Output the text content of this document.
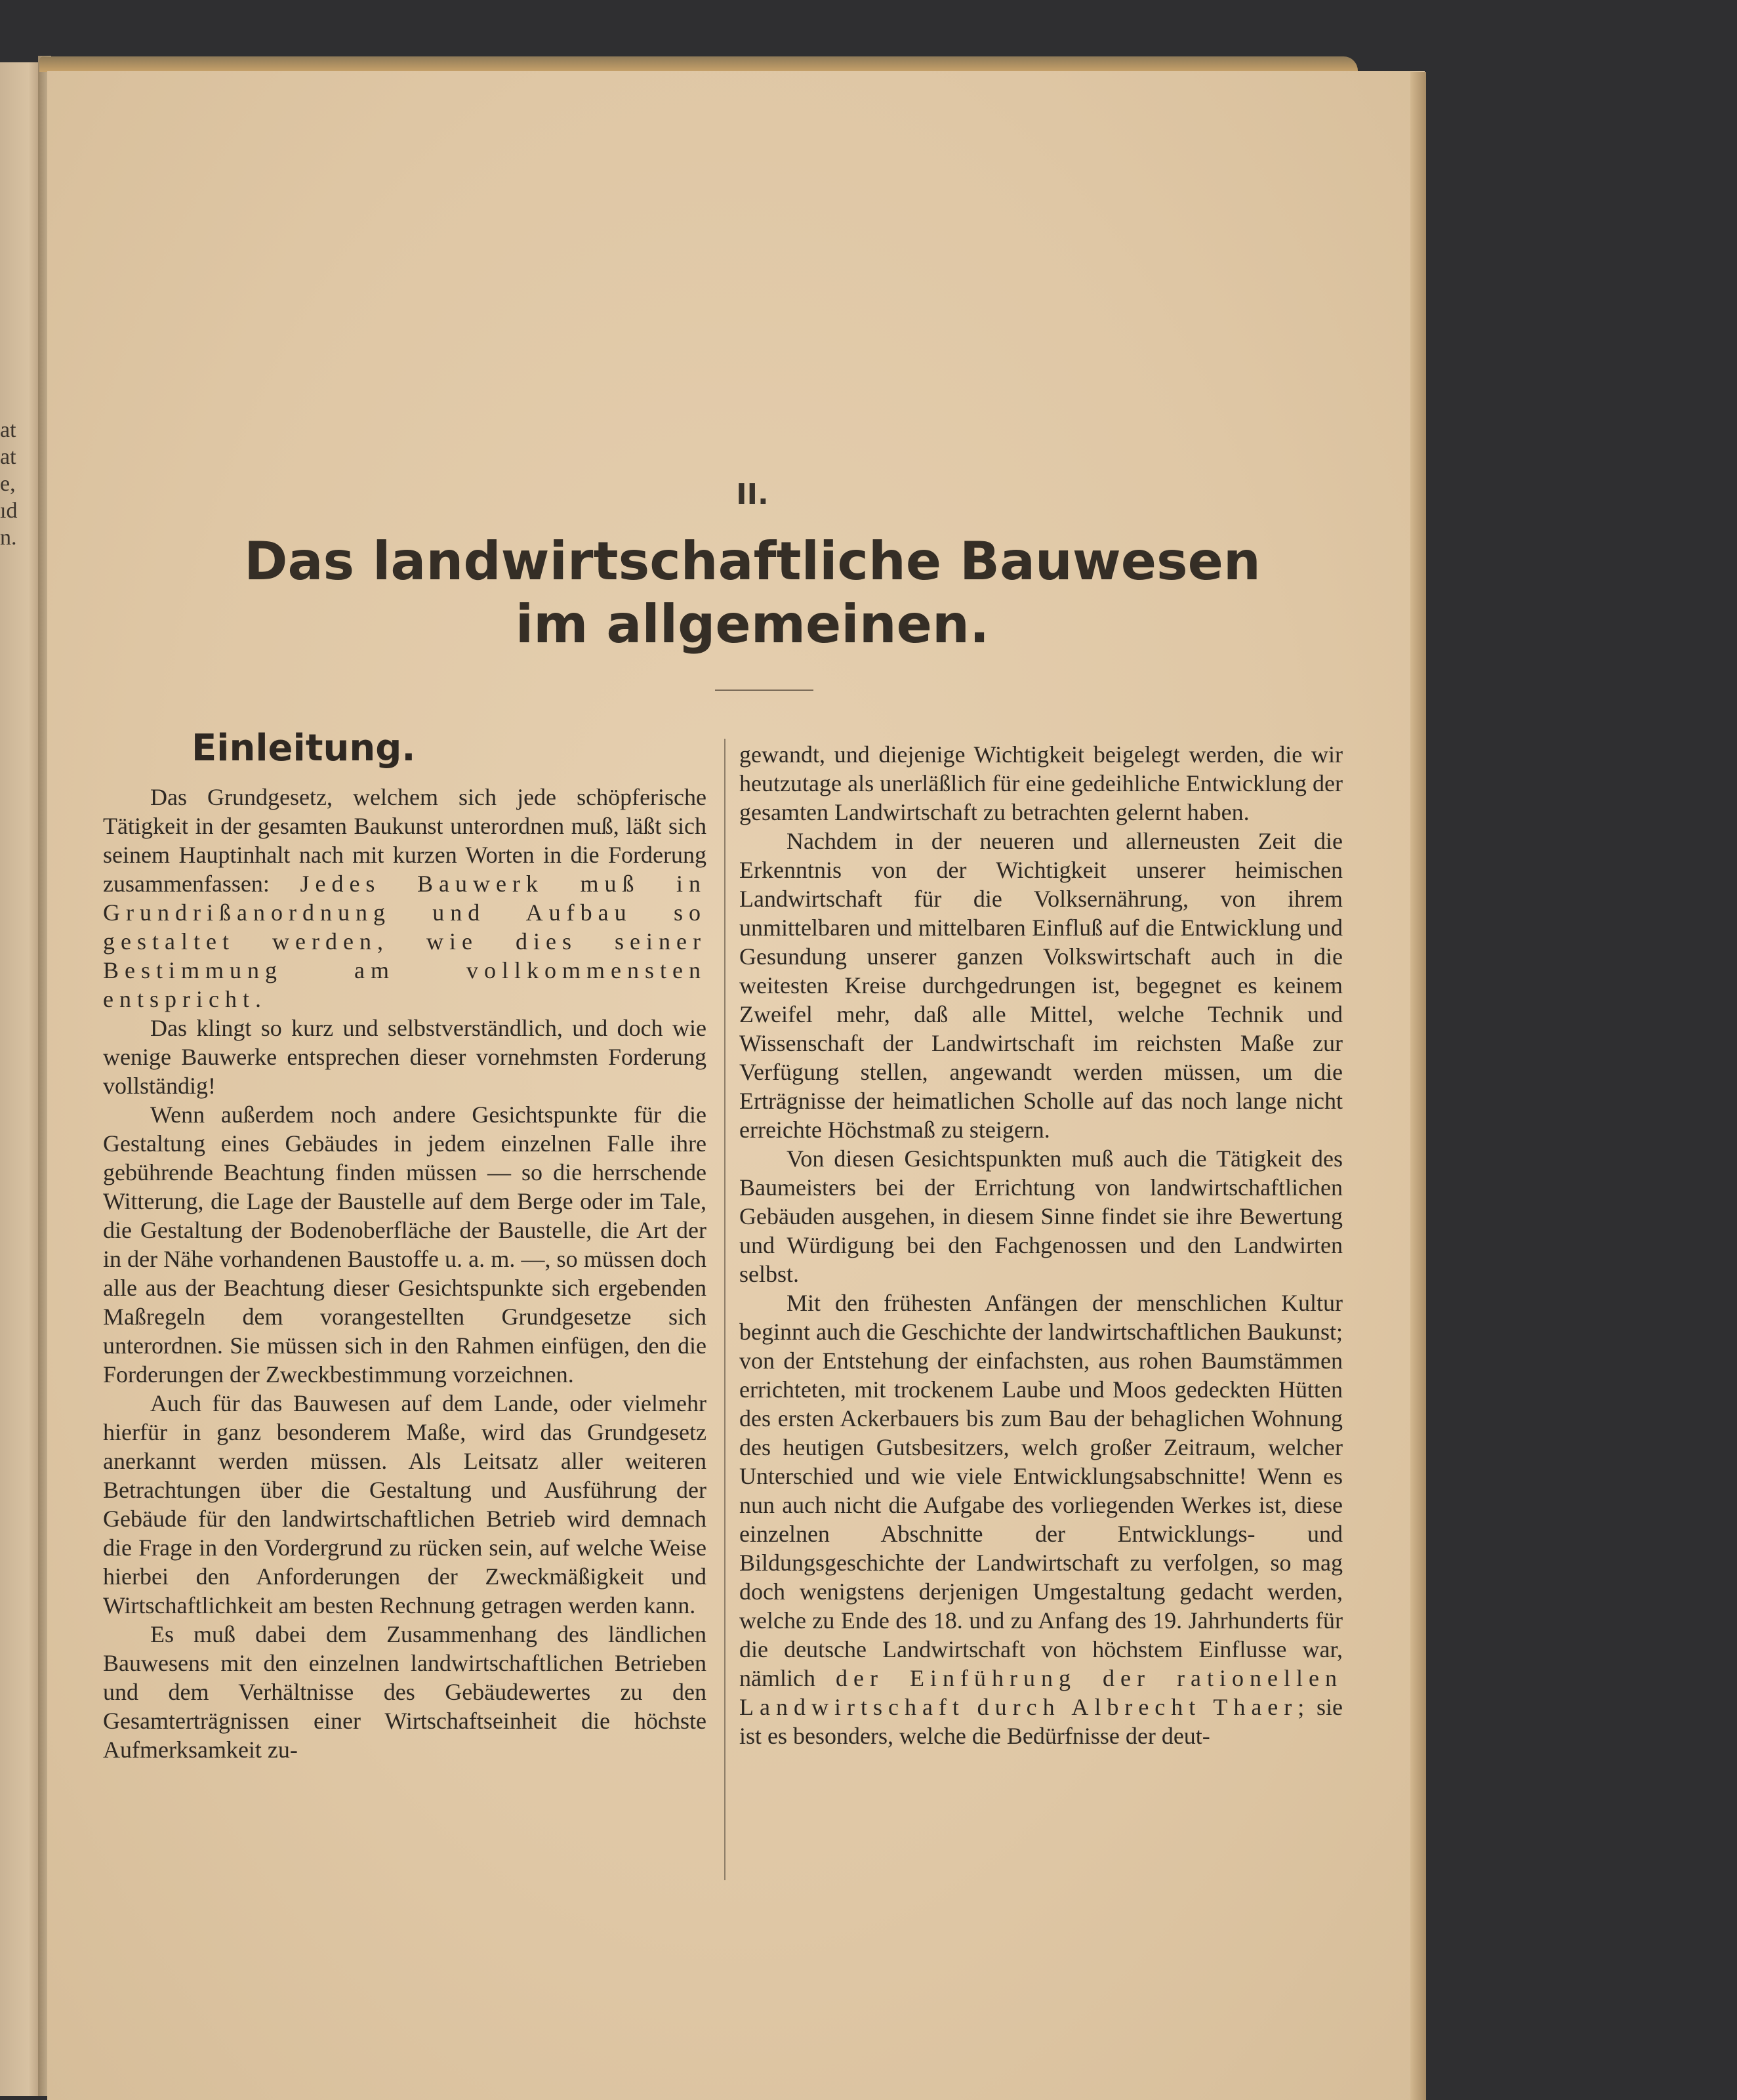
at
at
e,
ıd
n.
II.
Das landwirtschaftliche Bauwesen
im allgemeinen.
Einleitung.

Das Grundgesetz, welchem sich jede schöpferische Tätigkeit in der gesamten Baukunst unterordnen muß, läßt sich seinem Hauptinhalt nach mit kurzen Worten in die Forderung zusammenfassen: Jedes Bauwerk muß in Grundrißanordnung und Aufbau so gestaltet werden, wie dies seiner Bestimmung am vollkommensten entspricht.

Das klingt so kurz und selbstverständlich, und doch wie wenige Bauwerke entsprechen dieser vornehmsten Forderung vollständig!

Wenn außerdem noch andere Gesichtspunkte für die Gestaltung eines Gebäudes in jedem einzelnen Falle ihre gebührende Beachtung finden müssen — so die herrschende Witterung, die Lage der Baustelle auf dem Berge oder im Tale, die Gestaltung der Bodenoberfläche der Baustelle, die Art der in der Nähe vorhandenen Baustoffe u. a. m. —, so müssen doch alle aus der Beachtung dieser Gesichtspunkte sich ergebenden Maßregeln dem vorangestellten Grundgesetze sich unterordnen. Sie müssen sich in den Rahmen einfügen, den die Forderungen der Zweckbestimmung vorzeichnen.

Auch für das Bauwesen auf dem Lande, oder vielmehr hierfür in ganz besonderem Maße, wird das Grundgesetz anerkannt werden müssen. Als Leitsatz aller weiteren Betrachtungen über die Gestaltung und Ausführung der Gebäude für den landwirtschaftlichen Betrieb wird demnach die Frage in den Vordergrund zu rücken sein, auf welche Weise hierbei den Anforderungen der Zweckmäßigkeit und Wirtschaftlichkeit am besten Rechnung getragen werden kann.

Es muß dabei dem Zusammenhang des ländlichen Bauwesens mit den einzelnen landwirtschaftlichen Betrieben und dem Verhältnisse des Gebäudewertes zu den Gesamterträgnissen einer Wirtschaftseinheit die höchste Aufmerksamkeit zu-

gewandt, und diejenige Wichtigkeit beigelegt werden, die wir heutzutage als unerläßlich für eine gedeihliche Entwicklung der gesamten Landwirtschaft zu betrachten gelernt haben.

Nachdem in der neueren und allerneusten Zeit die Erkenntnis von der Wichtigkeit unserer heimischen Landwirtschaft für die Volksernährung, von ihrem unmittelbaren und mittelbaren Einfluß auf die Entwicklung und Gesundung unserer ganzen Volkswirtschaft auch in die weitesten Kreise durchgedrungen ist, begegnet es keinem Zweifel mehr, daß alle Mittel, welche Technik und Wissenschaft der Landwirtschaft im reichsten Maße zur Verfügung stellen, angewandt werden müssen, um die Erträgnisse der heimatlichen Scholle auf das noch lange nicht erreichte Höchstmaß zu steigern.

Von diesen Gesichtspunkten muß auch die Tätigkeit des Baumeisters bei der Errichtung von landwirtschaftlichen Gebäuden ausgehen, in diesem Sinne findet sie ihre Bewertung und Würdigung bei den Fachgenossen und den Landwirten selbst.

Mit den frühesten Anfängen der menschlichen Kultur beginnt auch die Geschichte der landwirtschaftlichen Baukunst; von der Entstehung der einfachsten, aus rohen Baumstämmen errichteten, mit trockenem Laube und Moos gedeckten Hütten des ersten Ackerbauers bis zum Bau der behaglichen Wohnung des heutigen Gutsbesitzers, welch großer Zeitraum, welcher Unterschied und wie viele Entwicklungsabschnitte! Wenn es nun auch nicht die Aufgabe des vorliegenden Werkes ist, diese einzelnen Abschnitte der Entwicklungs- und Bildungsgeschichte der Landwirtschaft zu verfolgen, so mag doch wenigstens derjenigen Umgestaltung gedacht werden, welche zu Ende des 18. und zu Anfang des 19. Jahrhunderts für die deutsche Landwirtschaft von höchstem Einflusse war, nämlich der Einführung der rationellen Landwirtschaft durch Albrecht Thaer; sie ist es besonders, welche die Bedürfnisse der deut-
